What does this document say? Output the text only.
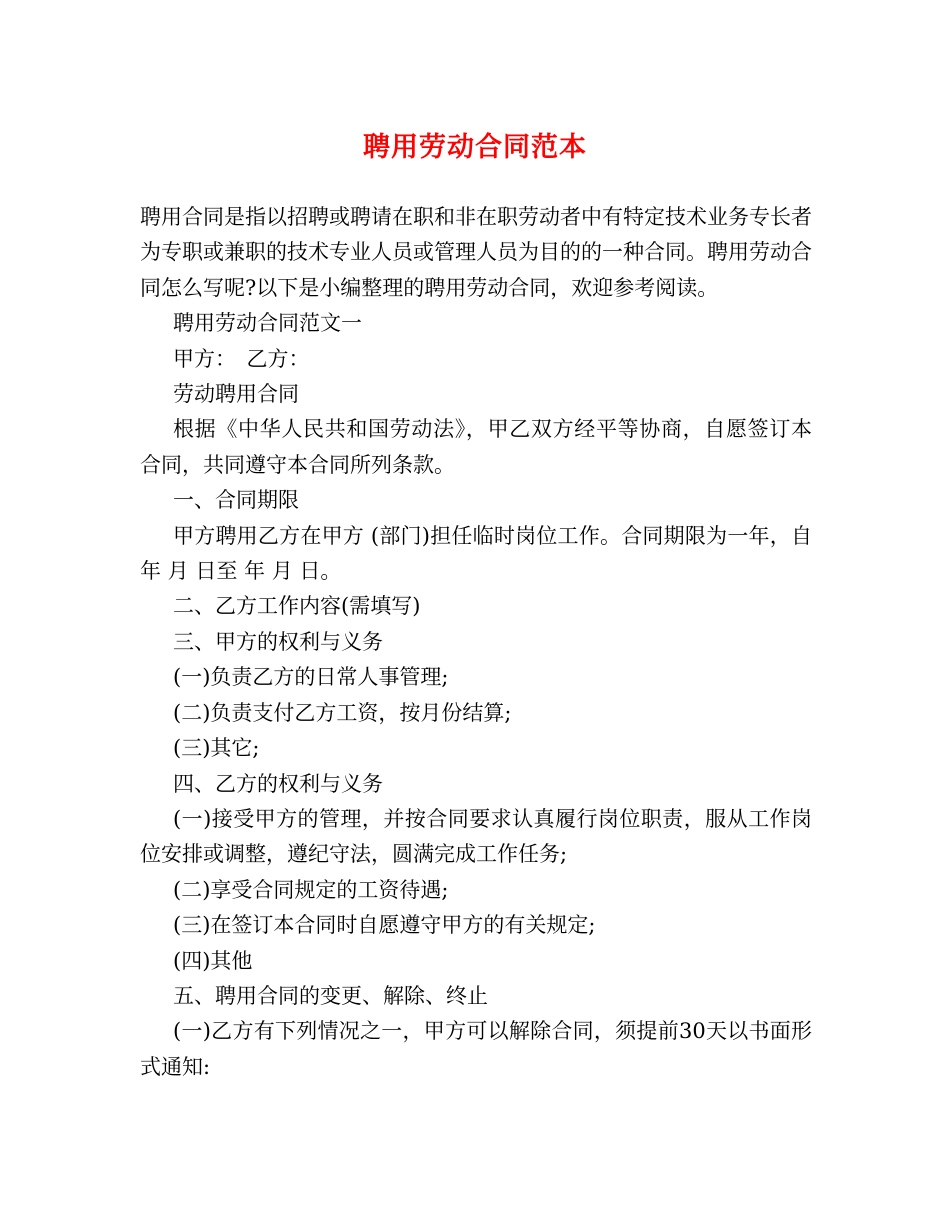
聘用劳动合同范本

聘用合同是指以招聘或聘请在职和非在职劳动者中有特定技术业务专长者为专职或兼职的技术专业人员或管理人员为目的的一种合同。聘用劳动合同怎么写呢?以下是小编整理的聘用劳动合同，欢迎参考阅读。

聘用劳动合同范文一

甲方：　乙方：

劳动聘用合同

根据《中华人民共和国劳动法》，甲乙双方经平等协商，自愿签订本合同，共同遵守本合同所列条款。

一、合同期限

甲方聘用乙方在甲方 (部门)担任临时岗位工作。合同期限为一年，自 年 月 日至 年 月 日。

二、乙方工作内容(需填写)

三、甲方的权利与义务

(一)负责乙方的日常人事管理;

(二)负责支付乙方工资，按月份结算;

(三)其它;

四、乙方的权利与义务

(一)接受甲方的管理，并按合同要求认真履行岗位职责，服从工作岗位安排或调整，遵纪守法，圆满完成工作任务;

(二)享受合同规定的工资待遇;

(三)在签订本合同时自愿遵守甲方的有关规定;

(四)其他

五、聘用合同的变更、解除、终止

(一)乙方有下列情况之一，甲方可以解除合同，须提前30天以书面形式通知:
